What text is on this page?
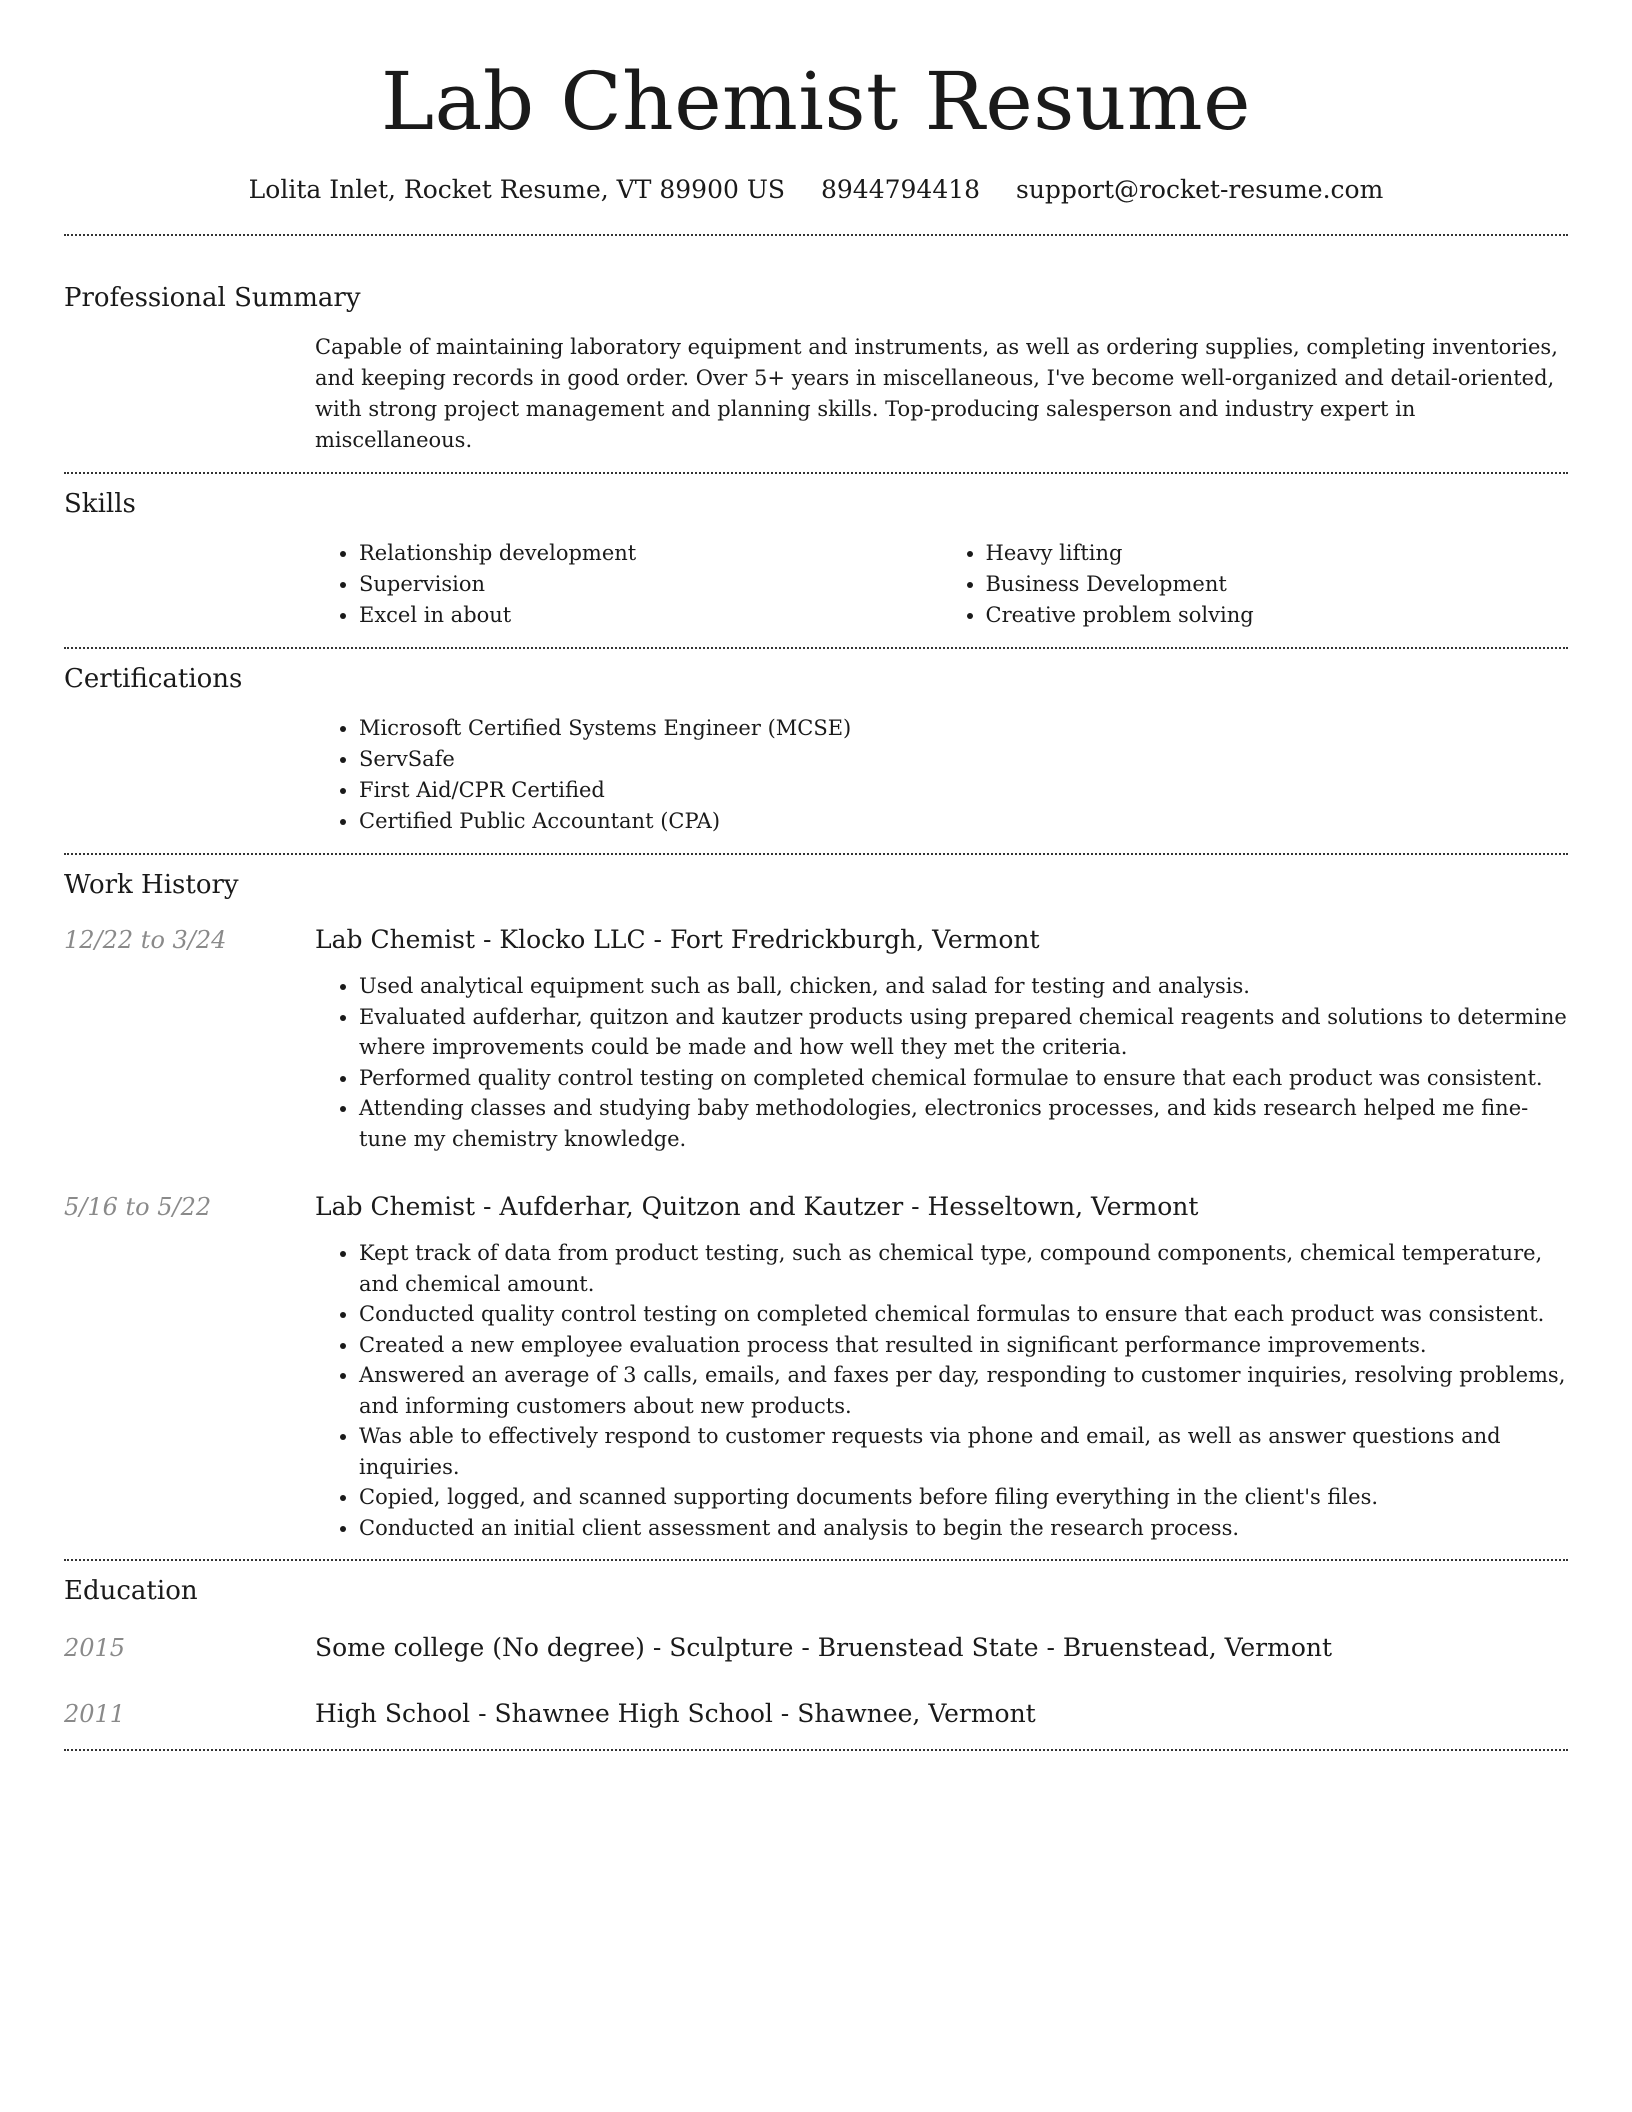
Lab Chemist Resume
Lolita Inlet, Rocket Resume, VT 89900 US 8944794418 support@rocket-resume.com
Professional Summary

Capable of maintaining laboratory equipment and instruments, as well as ordering supplies, completing inventories, and keeping records in good order. Over 5+ years in miscellaneous, I've become well-organized and detail-oriented, with strong project management and planning skills. Top-producing salesperson and industry expert in miscellaneous.

Skills
• Relationship development
• Supervision
• Excel in about
• Heavy lifting
• Business Development
• Creative problem solving
Certifications
• Microsoft Certified Systems Engineer (MCSE)
• ServSafe
• First Aid/CPR Certified
• Certified Public Accountant (CPA)
Work History
12/22 to 3/24	Lab Chemist - Klocko LLC - Fort Fredrickburgh, Vermont
• Used analytical equipment such as ball, chicken, and salad for testing and analysis.
• Evaluated aufderhar, quitzon and kautzer products using prepared chemical reagents and solutions to determine where improvements could be made and how well they met the criteria.
• Performed quality control testing on completed chemical formulae to ensure that each product was consistent.
• Attending classes and studying baby methodologies, electronics processes, and kids research helped me fine-tune my chemistry knowledge.
5/16 to 5/22	Lab Chemist - Aufderhar, Quitzon and Kautzer - Hesseltown, Vermont
• Kept track of data from product testing, such as chemical type, compound components, chemical temperature, and chemical amount.
• Conducted quality control testing on completed chemical formulas to ensure that each product was consistent.
• Created a new employee evaluation process that resulted in significant performance improvements.
• Answered an average of 3 calls, emails, and faxes per day, responding to customer inquiries, resolving problems, and informing customers about new products.
• Was able to effectively respond to customer requests via phone and email, as well as answer questions and inquiries.
• Copied, logged, and scanned supporting documents before filing everything in the client's files.
• Conducted an initial client assessment and analysis to begin the research process.
Education
2015	Some college (No degree) - Sculpture - Bruenstead State - Bruenstead, Vermont
2011	High School - Shawnee High School - Shawnee, Vermont
